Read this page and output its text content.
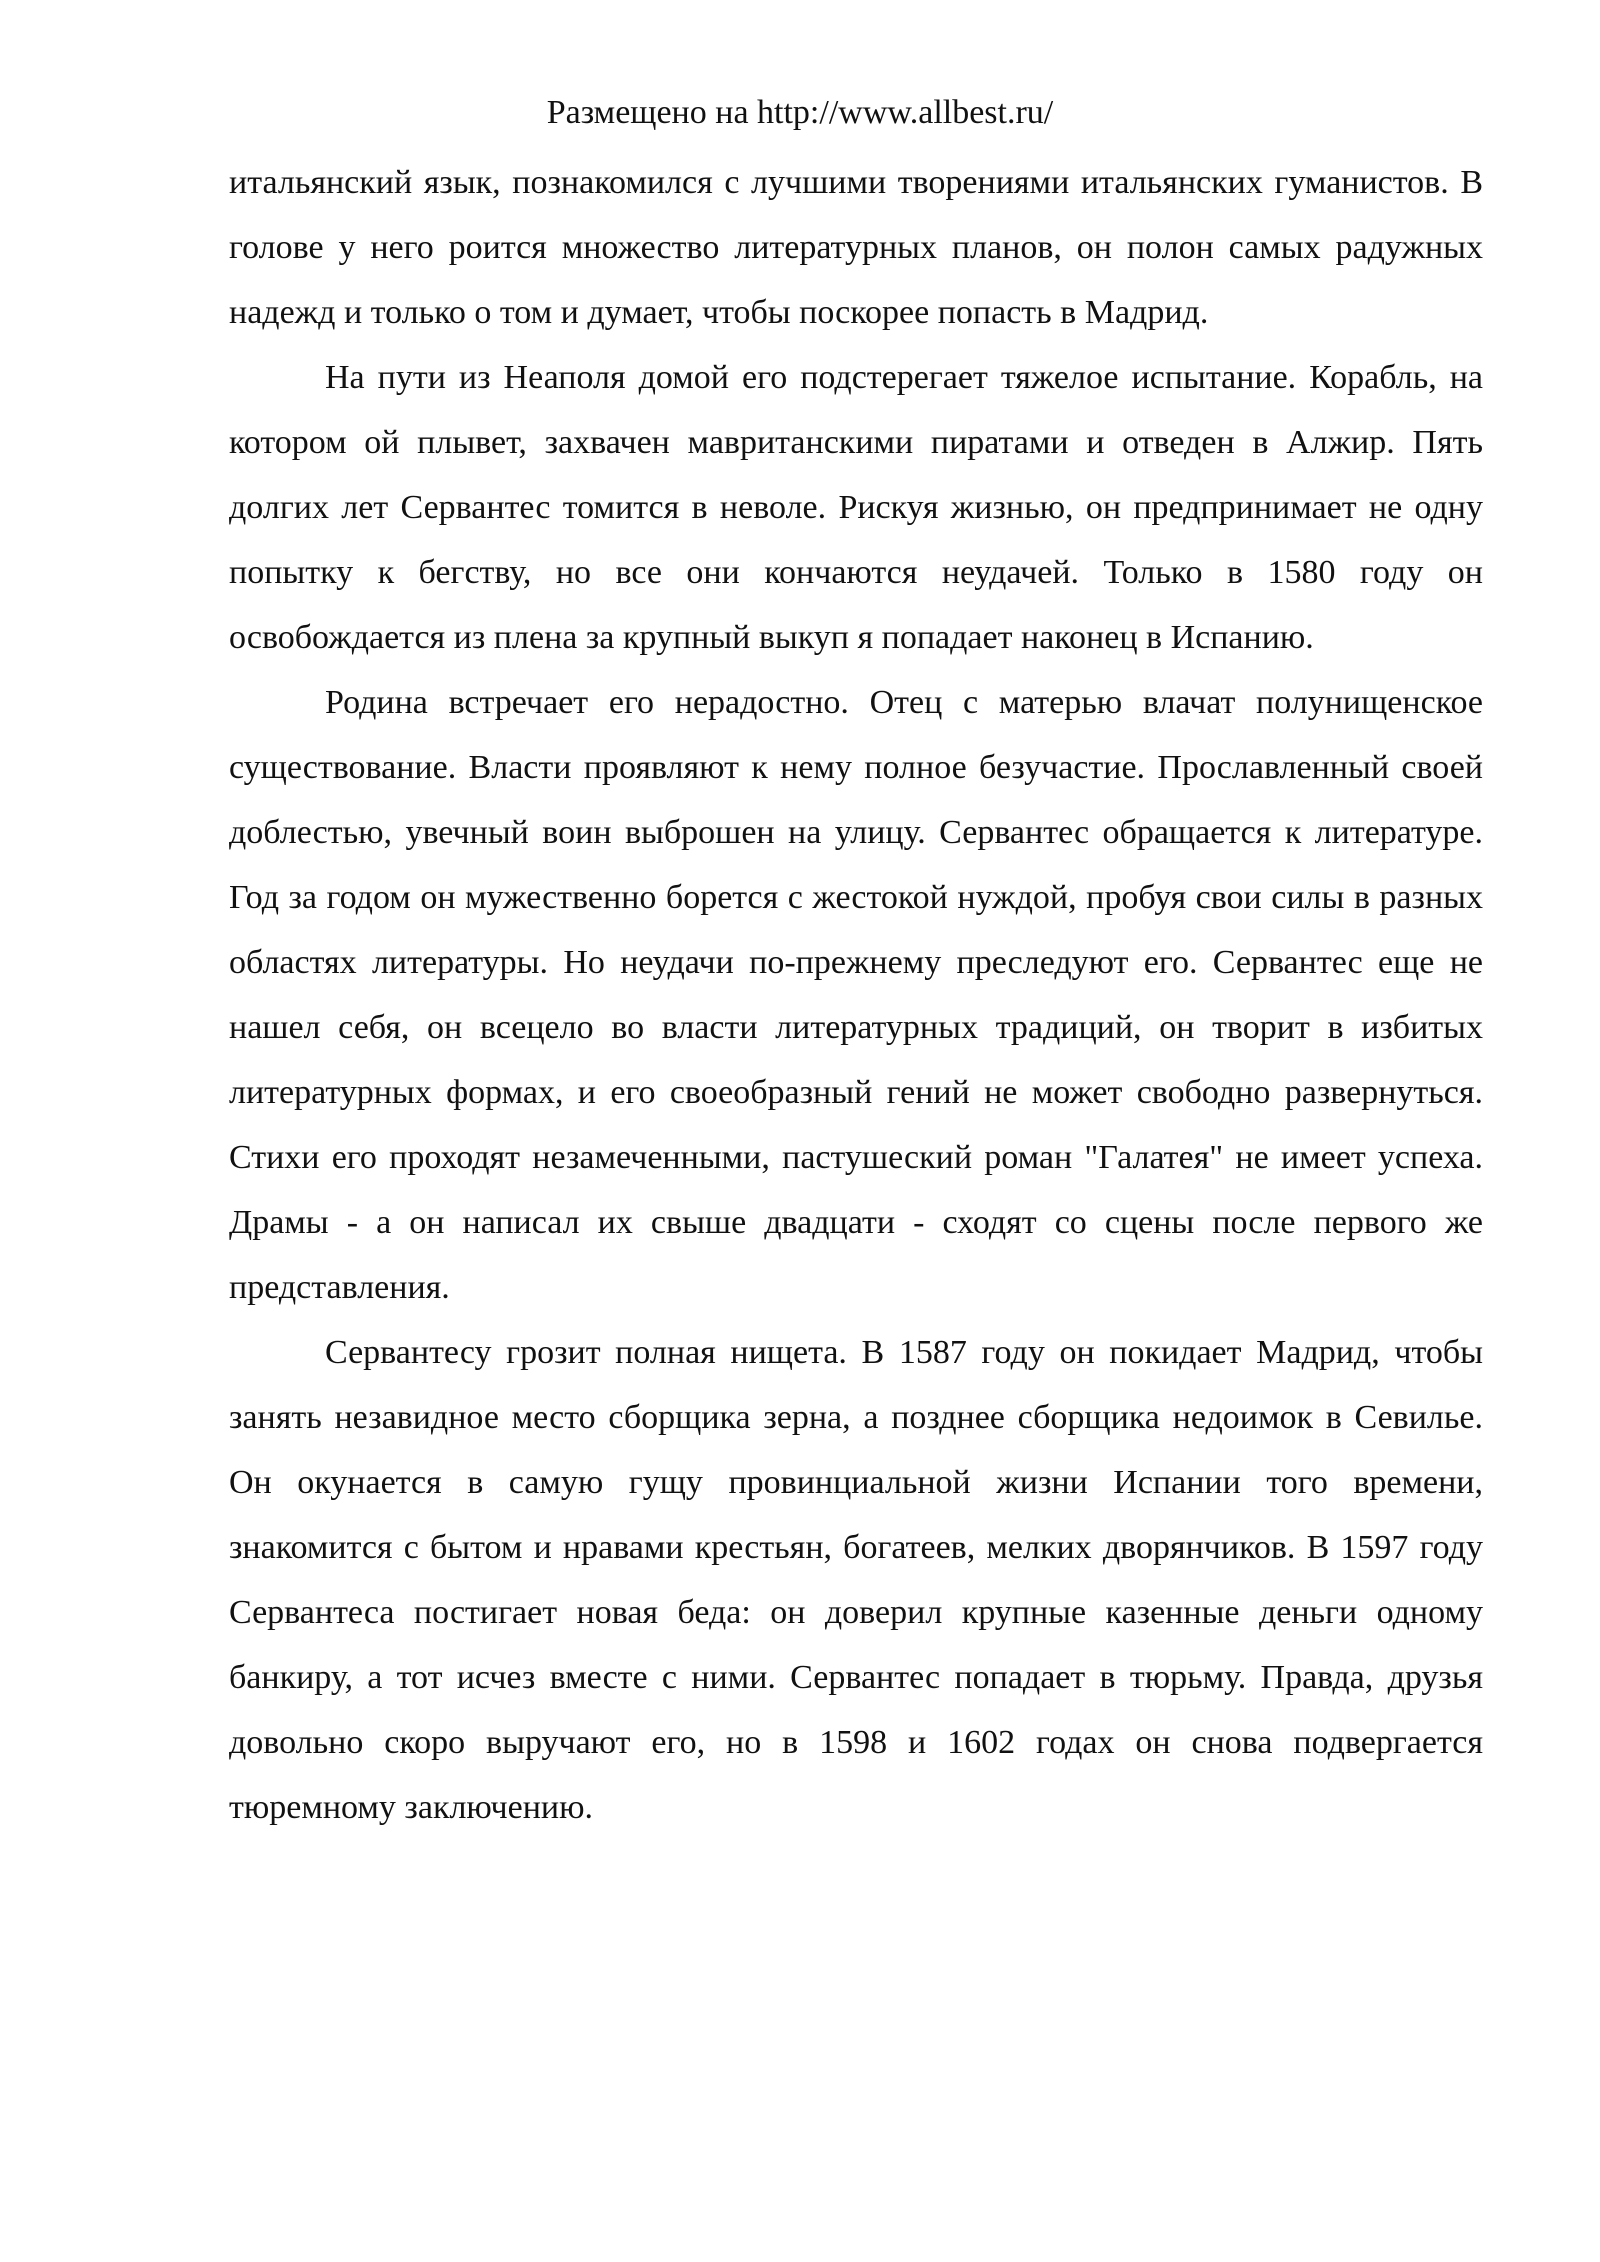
Размещено на http://www.allbest.ru/

итальянский язык, познакомился с лучшими творениями итальянских гуманистов. В голове у него роится множество литературных планов, он полон самых радужных надежд и только о том и думает, чтобы поскорее попасть в Мадрид.

На пути из Неаполя домой его подстерегает тяжелое испытание. Корабль, на котором ой плывет, захвачен мавританскими пиратами и отведен в Алжир. Пять долгих лет Сервантес томится в неволе. Рискуя жизнью, он предпринимает не одну попытку к бегству, но все они кончаются неудачей. Только в 1580 году он освобождается из плена за крупный выкуп я попадает наконец в Испанию.

Родина встречает его нерадостно. Отец с матерью влачат полунищенское существование. Власти проявляют к нему полное безучастие. Прославленный своей доблестью, увечный воин выброшен на улицу. Сервантес обращается к литературе. Год за годом он мужественно борется с жестокой нуждой, пробуя свои силы в разных областях литературы. Но неудачи по-прежнему преследуют его. Сервантес еще не нашел себя, он всецело во власти литературных традиций, он творит в избитых литературных формах, и его своеобразный гений не может свободно развернуться. Стихи его проходят незамеченными, пастушеский роман "Галатея" не имеет успеха. Драмы - а он написал их свыше двадцати - сходят со сцены после первого же представления.

Сервантесу грозит полная нищета. В 1587 году он покидает Мадрид, чтобы занять незавидное место сборщика зерна, а позднее сборщика недоимок в Севилье. Он окунается в самую гущу провинциальной жизни Испании того времени, знакомится с бытом и нравами крестьян, богатеев, мелких дворянчиков. В 1597 году Сервантеса постигает новая беда: он доверил крупные казенные деньги одному банкиру, а тот исчез вместе с ними. Сервантес попадает в тюрьму. Правда, друзья довольно скоро выручают его, но в 1598 и 1602 годах он снова подвергается тюремному заключению.
